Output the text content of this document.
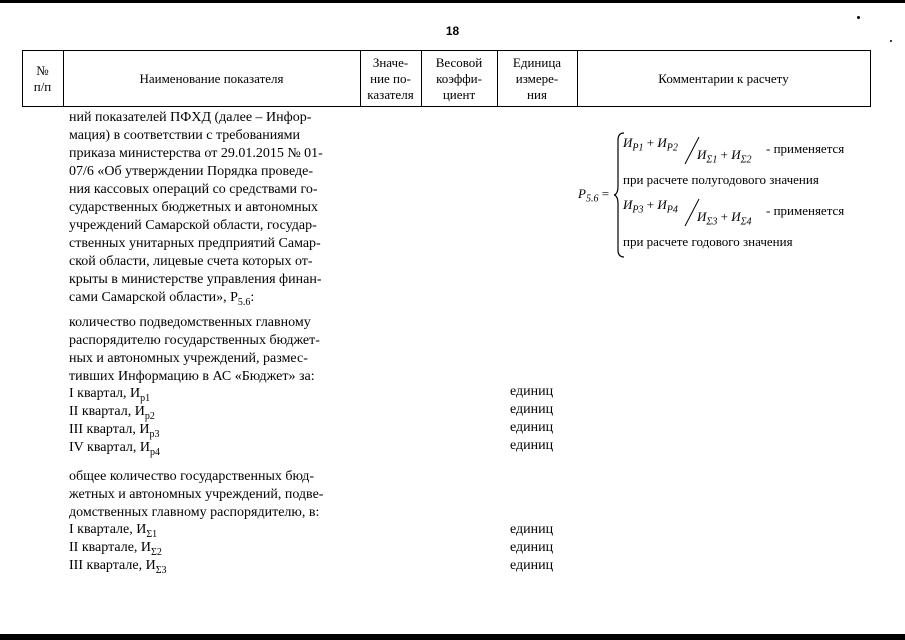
18
№
п/п
Наименование показателя
Значе-
ние по-
казателя
Весовой
коэффи-
циент
Единица
измере-
ния
Комментарии к расчету
ний показателей ПФХД (далее – Инфор-
мация) в соответствии с требованиями
приказа министерства от 29.01.2015 № 01-
07/6 «Об утверждении Порядка проведе-
ния кассовых операций со средствами го-
сударственных бюджетных и автономных
учреждений Самарской области, государ-
ственных унитарных предприятий Самар-
ской области, лицевые счета которых от-
крыты в министерстве управления финан-
сами Самарской области», $Р_{5.6}$:
количество подведомственных главному
распорядителю государственных бюджет-
ных и автономных учреждений, размес-
тивших Информацию в АС «Бюджет» за:
I квартал, $И_{р1}$
II квартал, $И_{р2}$
III квартал, $И_{р3}$
IV квартал, $И_{р4}$
единиц
единиц
единиц
единиц
общее количество государственных бюд-
жетных и автономных учреждений, подве-
домственных главному распорядителю, в:
I квартале, $И_{\Sigma 1}$
II квартале, $И_{\Sigma 2}$
III квартале, $И_{\Sigma 3}$
единиц
единиц
единиц
$P_{5.6}$ =
$И_{P1} + И_{P2}$ $И_{\Sigma 1} + И_{\Sigma 2}$
- применяется
при расчете полугодового значения
$И_{P3} + И_{P4}$ $И_{\Sigma 3} + И_{\Sigma 4}$
- применяется
при расчете годового значения
